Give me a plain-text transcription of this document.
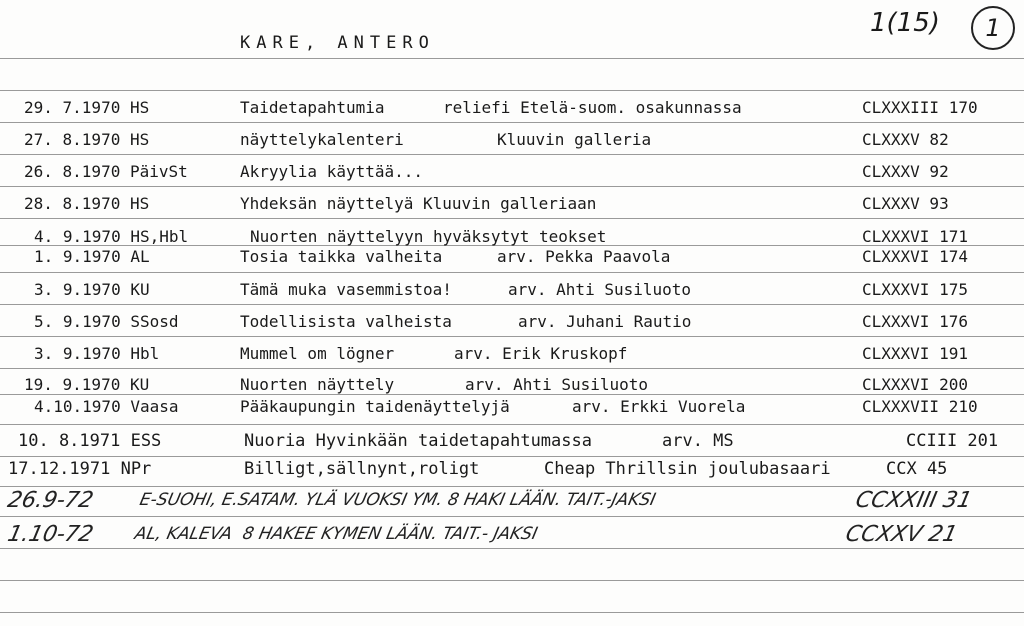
KARE, ANTERO
1(15) 1
29. 7.1970 HS	Taidetapahtumia	reliefi Etelä-suom. osakunnassa	CLXXXIII 170
27. 8.1970 HS	näyttelykalenteri	Kluuvin galleria	CLXXXV 82
26. 8.1970 PäivSt	Akryylia käyttää...	CLXXXV 92
28. 8.1970 HS	Yhdeksän näyttelyä Kluuvin galleriaan	CLXXXV 93
4. 9.1970 HS,Hbl	Nuorten näyttelyyn hyväksytyt teokset	CLXXXVI 171
1. 9.1970 AL	Tosia taikka valheita	arv. Pekka Paavola	CLXXXVI 174
3. 9.1970 KU	Tämä muka vasemmistoa!	arv. Ahti Susiluoto	CLXXXVI 175
5. 9.1970 SSosd	Todellisista valheista	arv. Juhani Rautio	CLXXXVI 176
3. 9.1970 Hbl	Mummel om lögner	arv. Erik Kruskopf	CLXXXVI 191
19. 9.1970 KU	Nuorten näyttely	arv. Ahti Susiluoto	CLXXXVI 200
4.10.1970 Vaasa	Pääkaupungin taidenäyttelyjä	arv. Erkki Vuorela	CLXXXVII 210
10. 8.1971 ESS	Nuoria Hyvinkään taidetapahtumassa	arv. MS	CCIII 201
17.12.1971 NPr	Billigt,sällnynt,roligt	Cheap Thrillsin joulubasaari	CCX 45
26.9-72 E-SUOHI, E.SATAM. YLÄ VUOKSI YM. 8 HAKI LÄÄN. TAIT.-JAKSI	CCXXIII 31
1.10-72 AL, KALEVA  8 HAKEE KYMEN LÄÄN. TAIT.- JAKSI	CCXXV 21
